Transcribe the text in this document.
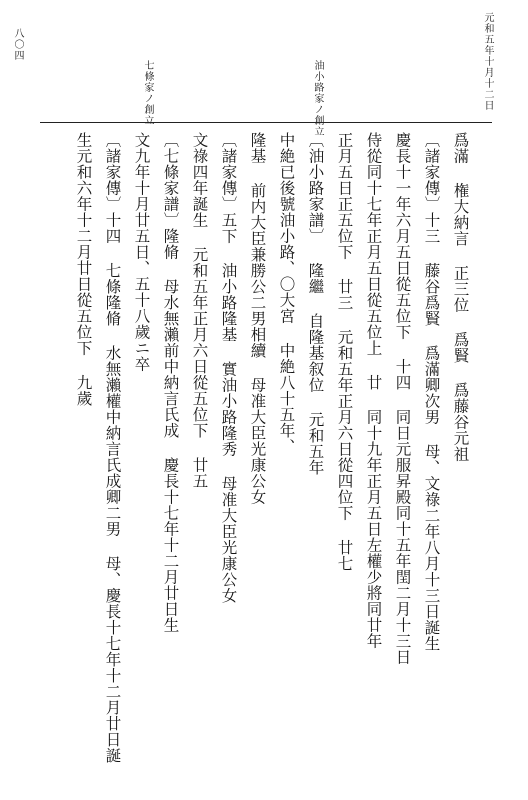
元和五年十月十二日
油小路家ノ創立
七條家ノ創立
八〇四
爲滿 権大納言 正三位 爲賢 爲藤谷元祖
〔諸家傳〕十三 藤谷爲賢 爲滿卿次男 母、文祿二年八月十三日誕生
慶長十一年六月五日從五位下 十四 同日元服昇殿同十五年閏二月十三日
侍從同十七年正月五日從五位上 廿 同十九年正月五日左權少將同廿年
正月五日正五位下 廿三 元和五年正月六日從四位下 廿七
〔油小路家譜〕 隆繼 自隆基叙位 元和五年
中絶已後號油小路、〇大宮 中絶八十五年、
隆基 前内大臣兼勝公二男相續 母准大臣光康公女
〔諸家傳〕五下 油小路隆基 實油小路隆秀 母准大臣光康公女
文祿四年誕生 元和五年正月六日從五位下 廿五
〔七條家譜〕隆脩 母水無瀨前中納言氏成 慶長十七年十二月廿日生
文九年十月廿五日、五十八歲ニ卒
〔諸家傳〕十四 七條隆脩 水無瀨權中納言氏成卿二男 母、慶長十七年十二月廿日誕
生元和六年十二月廿日從五位下 九歲
